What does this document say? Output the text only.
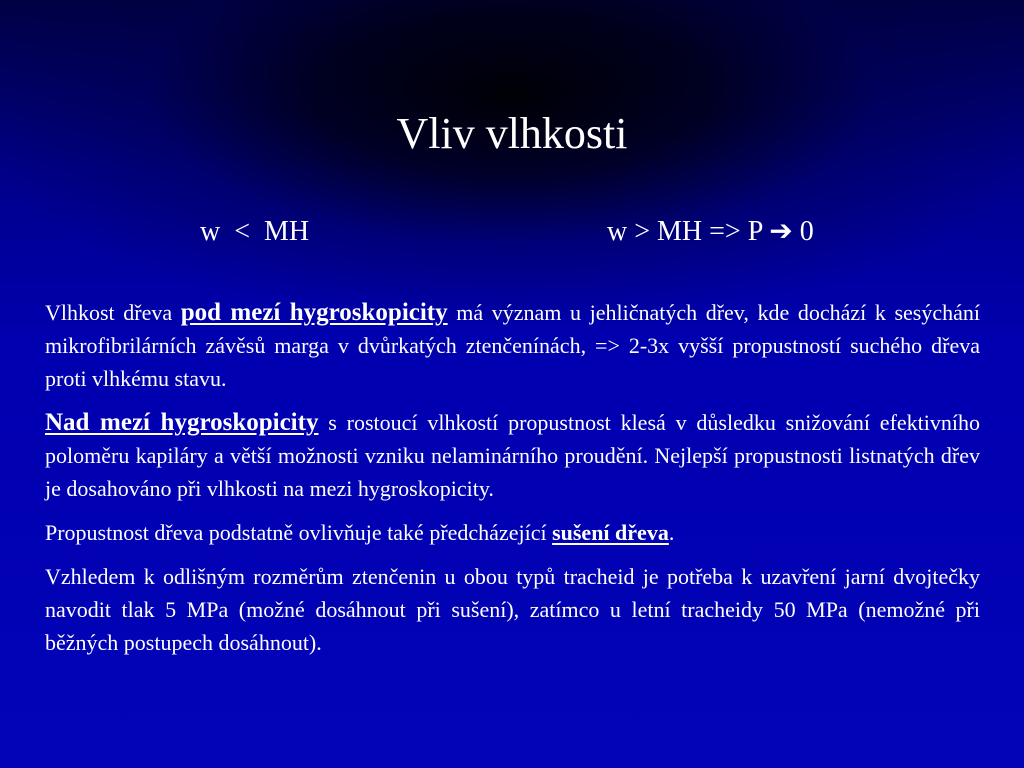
Vliv vlhkosti
w  <  MH	w > MH => P ➔ 0

Vlhkost dřeva pod mezí hygroskopicity má význam u jehličnatých dřev, kde dochází k sesýchání mikrofibrilárních závěsů marga v dvůrkatých ztenčenínách, => 2-3x vyšší propustností suchého dřeva proti vlhkému stavu.

Nad mezí hygroskopicity s rostoucí vlhkostí propustnost klesá v důsledku snižování efektivního poloměru kapiláry a větší možnosti vzniku nelaminárního proudění. Nejlepší propustnosti listnatých dřev je dosahováno při vlhkosti na mezi hygroskopicity.

Propustnost dřeva podstatně ovlivňuje také předcházející sušení dřeva.

Vzhledem k odlišným rozměrům ztenčenin u obou typů tracheid je potřeba k uzavření jarní dvojtečky navodit tlak 5 MPa (možné dosáhnout při sušení), zatímco u letní tracheidy 50 MPa (nemožné při běžných postupech dosáhnout).
